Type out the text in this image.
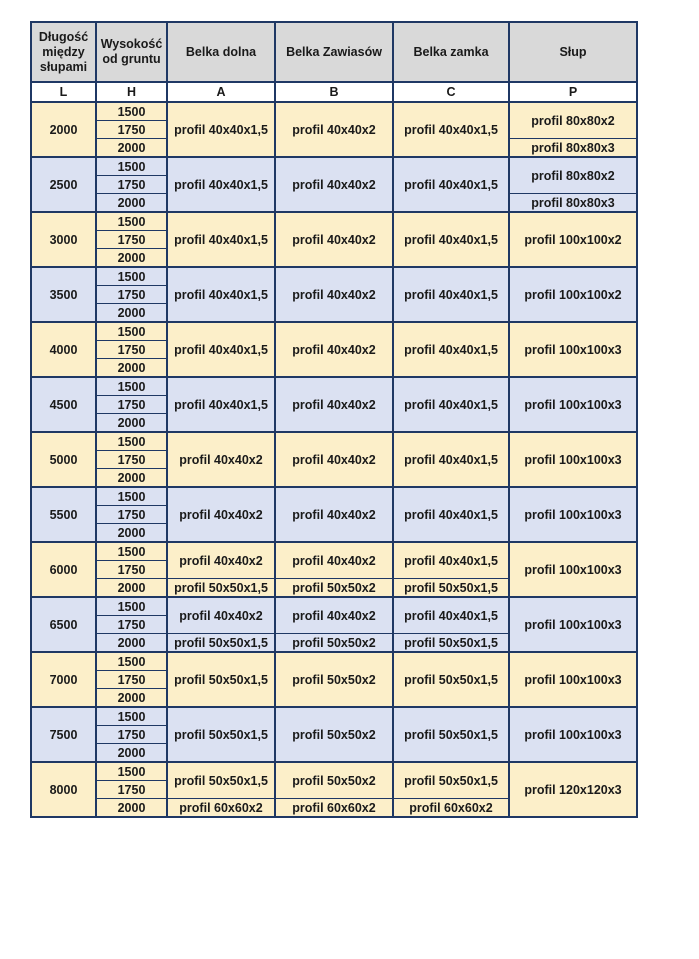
Długość między słupami	Wysokość od gruntu	Belka dolna	Belka Zawiasów	Belka zamka	Słup
L	H	A	B	C	P
2000	1500	profil 40x40x1,5	profil 40x40x2	profil 40x40x1,5	profil 80x80x2
	1750				
	2000				profil 80x80x3
2500	1500	profil 40x40x1,5	profil 40x40x2	profil 40x40x1,5	profil 80x80x2
	1750				
	2000				profil 80x80x3
3000	1500	profil 40x40x1,5	profil 40x40x2	profil 40x40x1,5	profil 100x100x2
	1750				
	2000				
3500	1500	profil 40x40x1,5	profil 40x40x2	profil 40x40x1,5	profil 100x100x2
	1750				
	2000				
4000	1500	profil 40x40x1,5	profil 40x40x2	profil 40x40x1,5	profil 100x100x3
	1750				
	2000				
4500	1500	profil 40x40x1,5	profil 40x40x2	profil 40x40x1,5	profil 100x100x3
	1750				
	2000				
5000	1500	profil 40x40x2	profil 40x40x2	profil 40x40x1,5	profil 100x100x3
	1750				
	2000				
5500	1500	profil 40x40x2	profil 40x40x2	profil 40x40x1,5	profil 100x100x3
	1750				
	2000				
6000	1500	profil 40x40x2	profil 40x40x2	profil 40x40x1,5	profil 100x100x3
	1750				
	2000	profil 50x50x1,5	profil 50x50x2	profil 50x50x1,5	
6500	1500	profil 40x40x2	profil 40x40x2	profil 40x40x1,5	profil 100x100x3
	1750				
	2000	profil 50x50x1,5	profil 50x50x2	profil 50x50x1,5	
7000	1500	profil 50x50x1,5	profil 50x50x2	profil 50x50x1,5	profil 100x100x3
	1750				
	2000				
7500	1500	profil 50x50x1,5	profil 50x50x2	profil 50x50x1,5	profil 100x100x3
	1750				
	2000				
8000	1500	profil 50x50x1,5	profil 50x50x2	profil 50x50x1,5	profil 120x120x3
	1750				
	2000	profil 60x60x2	profil 60x60x2	profil 60x60x2	
